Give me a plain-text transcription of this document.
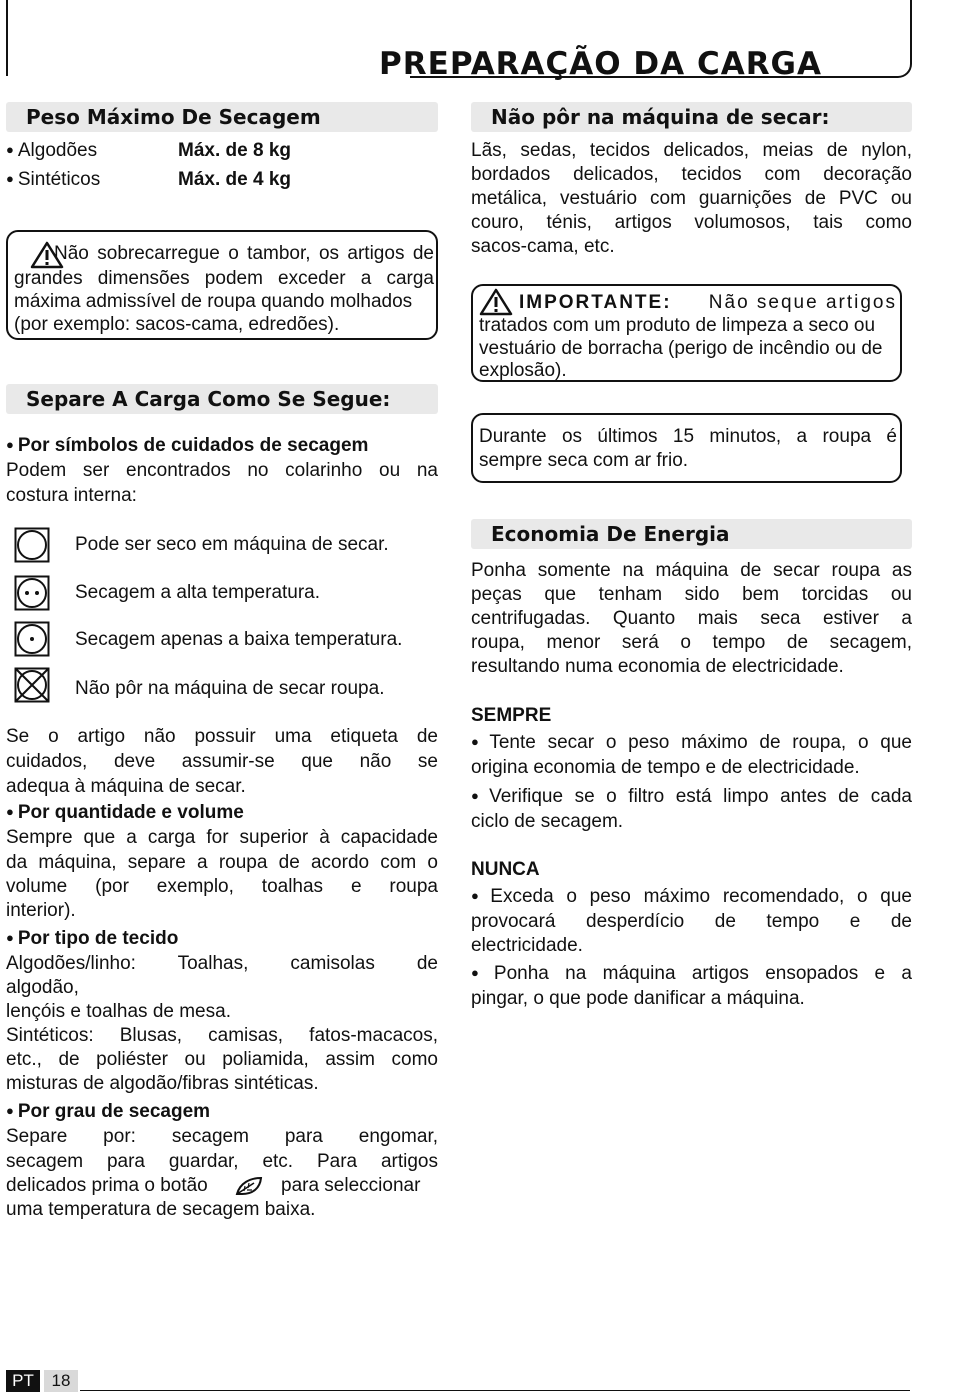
PREPARAÇÃO DA CARGA
Peso Máximo De Secagem
● Algodões	Máx. de 8 kg
● Sintéticos	Máx. de 4 kg
Não sobrecarregue o tambor, os artigos de
grandes dimensões podem exceder a carga
máxima admissível de roupa quando molhados
(por exemplo: sacos-cama, edredões).
Separe A Carga Como Se Segue:
● Por símbolos de cuidados de secagem
Podem ser encontrados no colarinho ou na
costura interna:
Pode ser seco em máquina de secar.
Secagem a alta temperatura.
Secagem apenas a baixa temperatura.
Não pôr na máquina de secar roupa.
Se o artigo não possuir uma etiqueta de
cuidados, deve assumir-se que não se
adequa à máquina de secar.
● Por quantidade e volume
Sempre que a carga for superior à capacidade
da máquina, separe a roupa de acordo com o
volume (por exemplo, toalhas e roupa
interior).
● Por tipo de tecido
Algodões/linho: Toalhas, camisolas de
algodão,
lençóis e toalhas de mesa.
Sintéticos: Blusas, camisas, fatos-macacos,
etc., de poliéster ou poliamida, assim como
misturas de algodão/fibras sintéticas.
● Por grau de secagem
Separe por: secagem para engomar,
secagem para guardar, etc. Para artigos
delicados prima o botão	para seleccionar
uma temperatura de secagem baixa.
Não pôr na máquina de secar:
Lãs, sedas, tecidos delicados, meias de nylon,
bordados delicados, tecidos com decoração
metálica, vestuário com guarnições de PVC ou
couro, ténis, artigos volumosos, tais como
sacos-cama, etc.
IMPORTANTE:	Não seque artigos
tratados com um produto de limpeza a seco ou
vestuário de borracha (perigo de incêndio ou de
explosão).
Durante os últimos 15 minutos, a roupa é
sempre seca com ar frio.
Economia De Energia
Ponha somente na máquina de secar roupa as
peças que tenham sido bem torcidas ou
centrifugadas. Quanto mais seca estiver a
roupa, menor será o tempo de secagem,
resultando numa economia de electricidade.
SEMPRE
● Tente secar o peso máximo de roupa, o que
origina economia de tempo e de electricidade.
● Verifique se o filtro está limpo antes de cada
ciclo de secagem.
NUNCA
● Exceda o peso máximo recomendado, o que
provocará desperdício de tempo e de
electricidade.
● Ponha na máquina artigos ensopados e a
pingar, o que pode danificar a máquina.
PT	18
